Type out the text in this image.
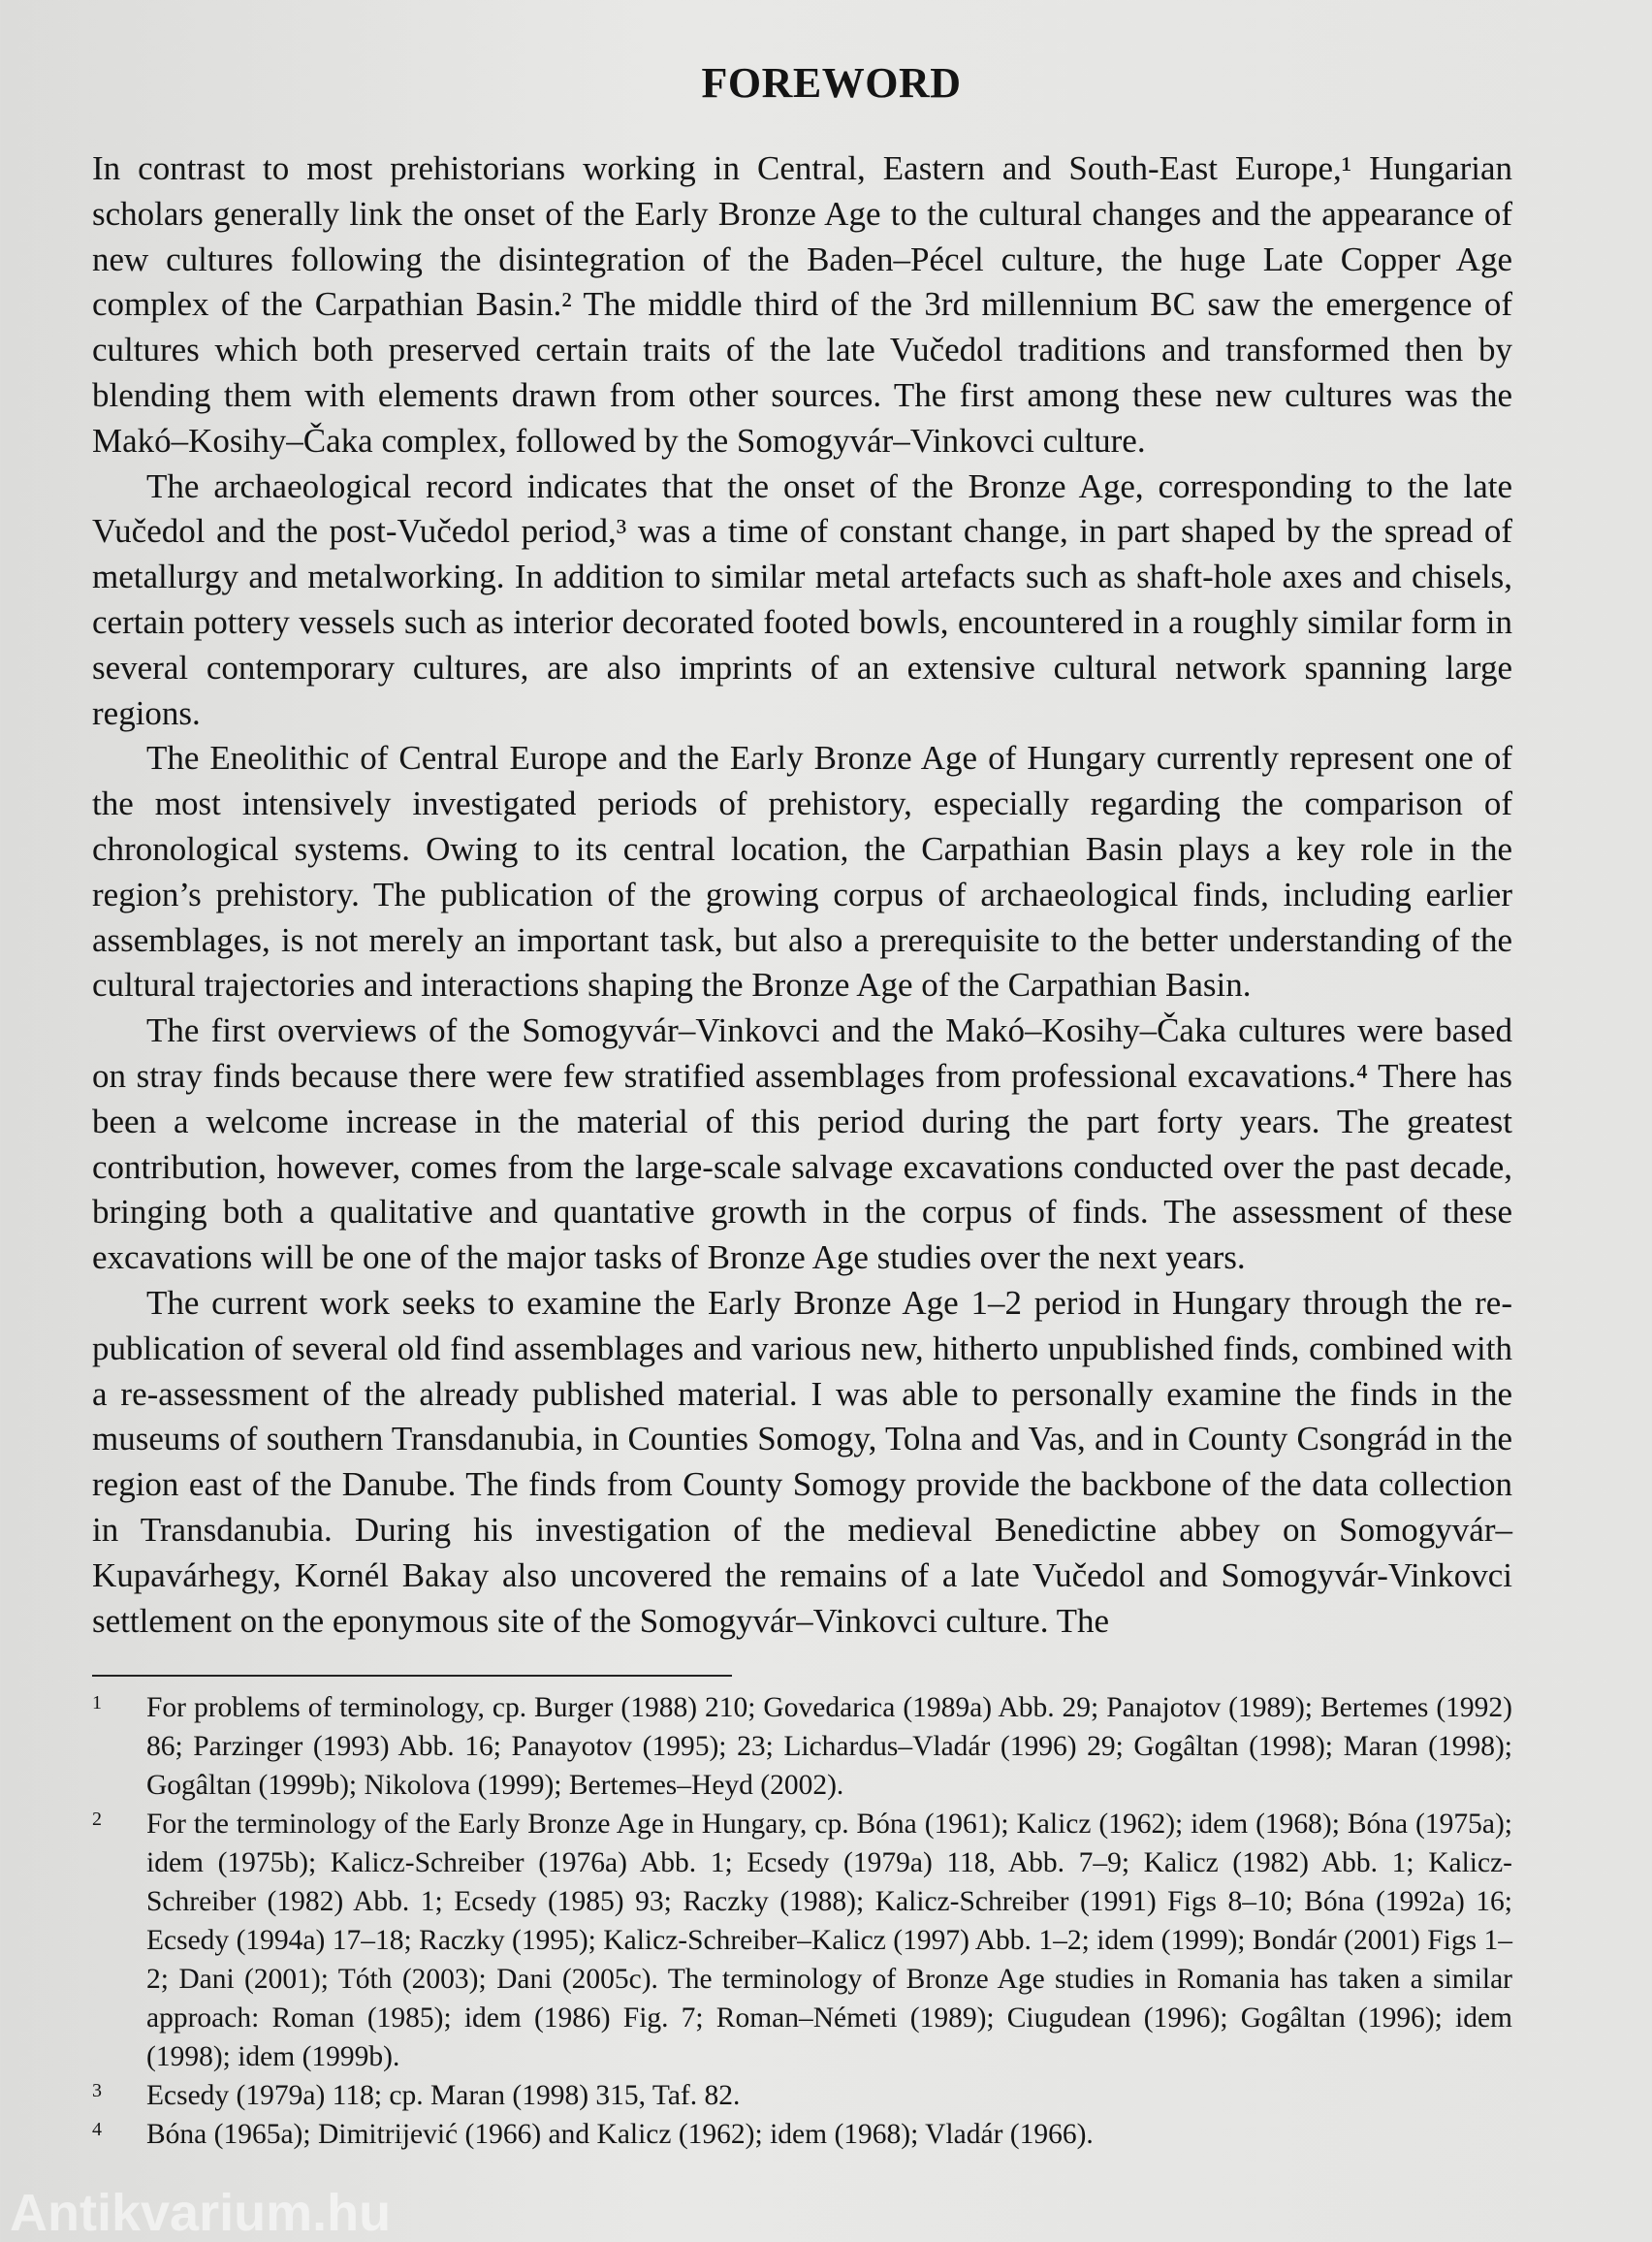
FOREWORD

In contrast to most prehistorians working in Central, Eastern and South-East Europe,¹ Hungarian scholars generally link the onset of the Early Bronze Age to the cultural changes and the appearance of new cultures following the disintegration of the Baden–Pécel culture, the huge Late Copper Age complex of the Carpathian Basin.² The middle third of the 3rd millennium BC saw the emergence of cultures which both preserved certain traits of the late Vučedol traditions and transformed then by blending them with elements drawn from other sources. The first among these new cultures was the Makó–Kosihy–Čaka complex, followed by the Somogyvár–Vinkovci culture.

The archaeological record indicates that the onset of the Bronze Age, corresponding to the late Vučedol and the post-Vučedol period,³ was a time of constant change, in part shaped by the spread of metallurgy and metalworking. In addition to similar metal artefacts such as shaft-hole axes and chisels, certain pottery vessels such as interior decorated footed bowls, encountered in a roughly similar form in several contemporary cultures, are also imprints of an extensive cultural network spanning large regions.

The Eneolithic of Central Europe and the Early Bronze Age of Hungary currently represent one of the most intensively investigated periods of prehistory, especially regarding the comparison of chronological systems. Owing to its central location, the Carpathian Basin plays a key role in the region’s prehistory. The publication of the growing corpus of archaeological finds, including earlier assemblages, is not merely an important task, but also a prerequisite to the better understanding of the cultural trajectories and interactions shaping the Bronze Age of the Carpathian Basin.

The first overviews of the Somogyvár–Vinkovci and the Makó–Kosihy–Čaka cultures were based on stray finds because there were few stratified assemblages from professional excavations.⁴ There has been a welcome increase in the material of this period during the part forty years. The greatest contribution, however, comes from the large-scale salvage excavations conducted over the past decade, bringing both a qualitative and quantative growth in the corpus of finds. The assessment of these excavations will be one of the major tasks of Bronze Age studies over the next years.

The current work seeks to examine the Early Bronze Age 1–2 period in Hungary through the re-publication of several old find assemblages and various new, hitherto unpublished finds, combined with a re-assessment of the already published material. I was able to personally examine the finds in the museums of southern Transdanubia, in Counties Somogy, Tolna and Vas, and in County Csongrád in the region east of the Danube. The finds from County Somogy provide the backbone of the data collection in Transdanubia. During his investigation of the medieval Benedictine abbey on Somogyvár–Kupavárhegy, Kornél Bakay also uncovered the remains of a late Vučedol and Somogyvár-Vinkovci settlement on the eponymous site of the Somogyvár–Vinkovci culture. The

1	For problems of terminology, cp. Burger (1988) 210; Govedarica (1989a) Abb. 29; Panajotov (1989); Bertemes (1992) 86; Parzinger (1993) Abb. 16; Panayotov (1995); 23; Lichardus–Vladár (1996) 29; Gogâltan (1998); Maran (1998); Gogâltan (1999b); Nikolova (1999); Bertemes–Heyd (2002).
2	For the terminology of the Early Bronze Age in Hungary, cp. Bóna (1961); Kalicz (1962); idem (1968); Bóna (1975a); idem (1975b); Kalicz-Schreiber (1976a) Abb. 1; Ecsedy (1979a) 118, Abb. 7–9; Kalicz (1982) Abb. 1; Kalicz-Schreiber (1982) Abb. 1; Ecsedy (1985) 93; Raczky (1988); Kalicz-Schreiber (1991) Figs 8–10; Bóna (1992a) 16; Ecsedy (1994a) 17–18; Raczky (1995); Kalicz-Schreiber–Kalicz (1997) Abb. 1–2; idem (1999); Bondár (2001) Figs 1–2; Dani (2001); Tóth (2003); Dani (2005c). The terminology of Bronze Age studies in Romania has taken a similar approach: Roman (1985); idem (1986) Fig. 7; Roman–Németi (1989); Ciugudean (1996); Gogâltan (1996); idem (1998); idem (1999b).
3	Ecsedy (1979a) 118; cp. Maran (1998) 315, Taf. 82.
4	Bóna (1965a); Dimitrijević (1966) and Kalicz (1962); idem (1968); Vladár (1966).
Antikvarium.hu
